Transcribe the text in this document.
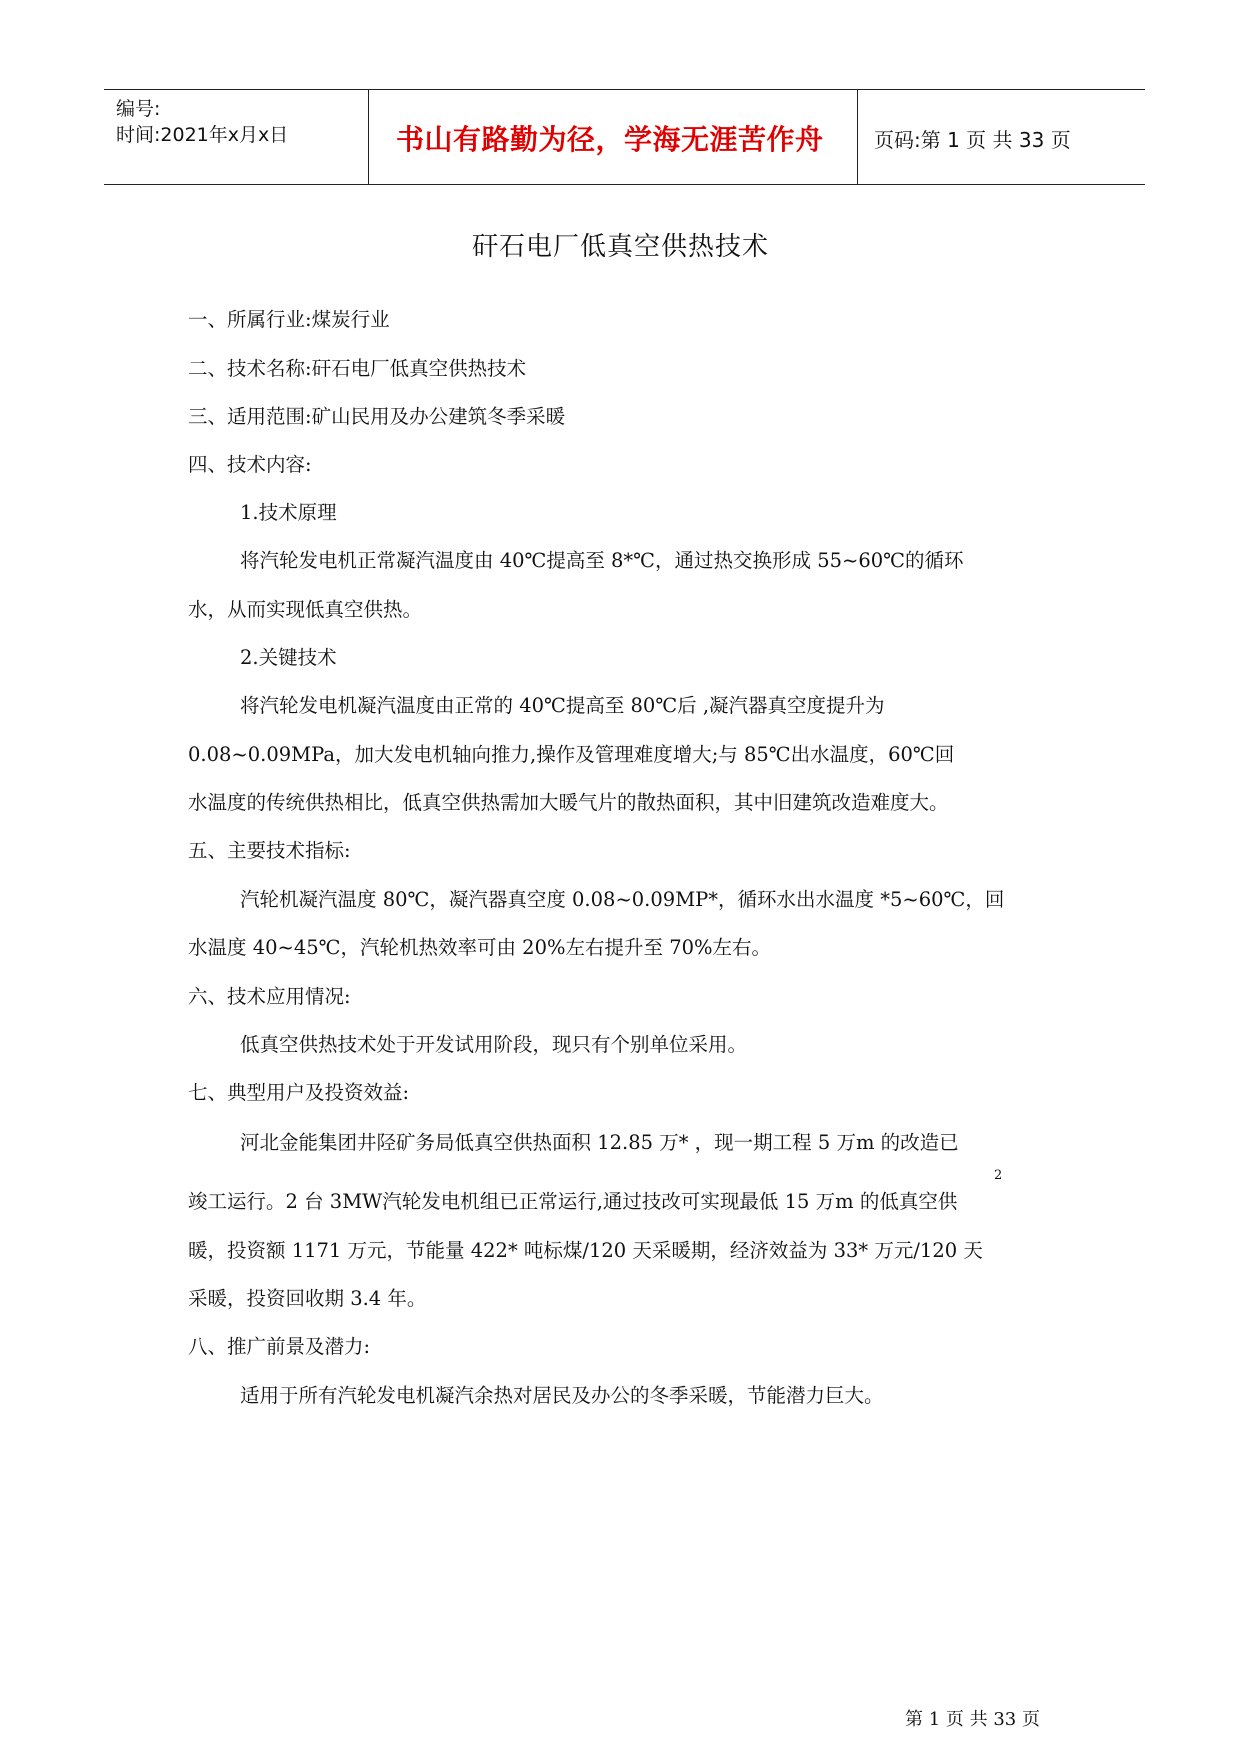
编号:
时间:2021年x月x日	书山有路勤为径，学海无涯苦作舟	页码:第 1 页 共 33 页
矸石电厂低真空供热技术
一、所属行业:煤炭行业
二、技术名称:矸石电厂低真空供热技术
三、适用范围:矿山民用及办公建筑冬季采暖
四、技术内容:
1.技术原理
将汽轮发电机正常凝汽温度由 40℃提高至 8*℃，通过热交换形成 55~60℃的循环
水，从而实现低真空供热。
2.关键技术
将汽轮发电机凝汽温度由正常的 40℃提高至 80℃后 ,凝汽器真空度提升为
0.08~0.09MPa，加大发电机轴向推力,操作及管理难度增大;与 85℃出水温度，60℃回
水温度的传统供热相比，低真空供热需加大暖气片的散热面积，其中旧建筑改造难度大。
五、主要技术指标:
汽轮机凝汽温度 80℃，凝汽器真空度 0.08~0.09MP*，循环水出水温度 *5~60℃，回
水温度 40~45℃，汽轮机热效率可由 20%左右提升至 70%左右。
六、技术应用情况:
低真空供热技术处于开发试用阶段，现只有个别单位采用。
七、典型用户及投资效益:
河北金能集团井陉矿务局低真空供热面积 12.85 万* ，现一期工程 5 万m 的改造已
2
竣工运行。2 台 3MW汽轮发电机组已正常运行,通过技改可实现最低 15 万m 的低真空供
暖，投资额 1171 万元，节能量 422* 吨标煤/120 天采暖期，经济效益为 33* 万元/120 天
采暖，投资回收期 3.4 年。
八、推广前景及潜力:
适用于所有汽轮发电机凝汽余热对居民及办公的冬季采暖，节能潜力巨大。
第 1 页 共 33 页
